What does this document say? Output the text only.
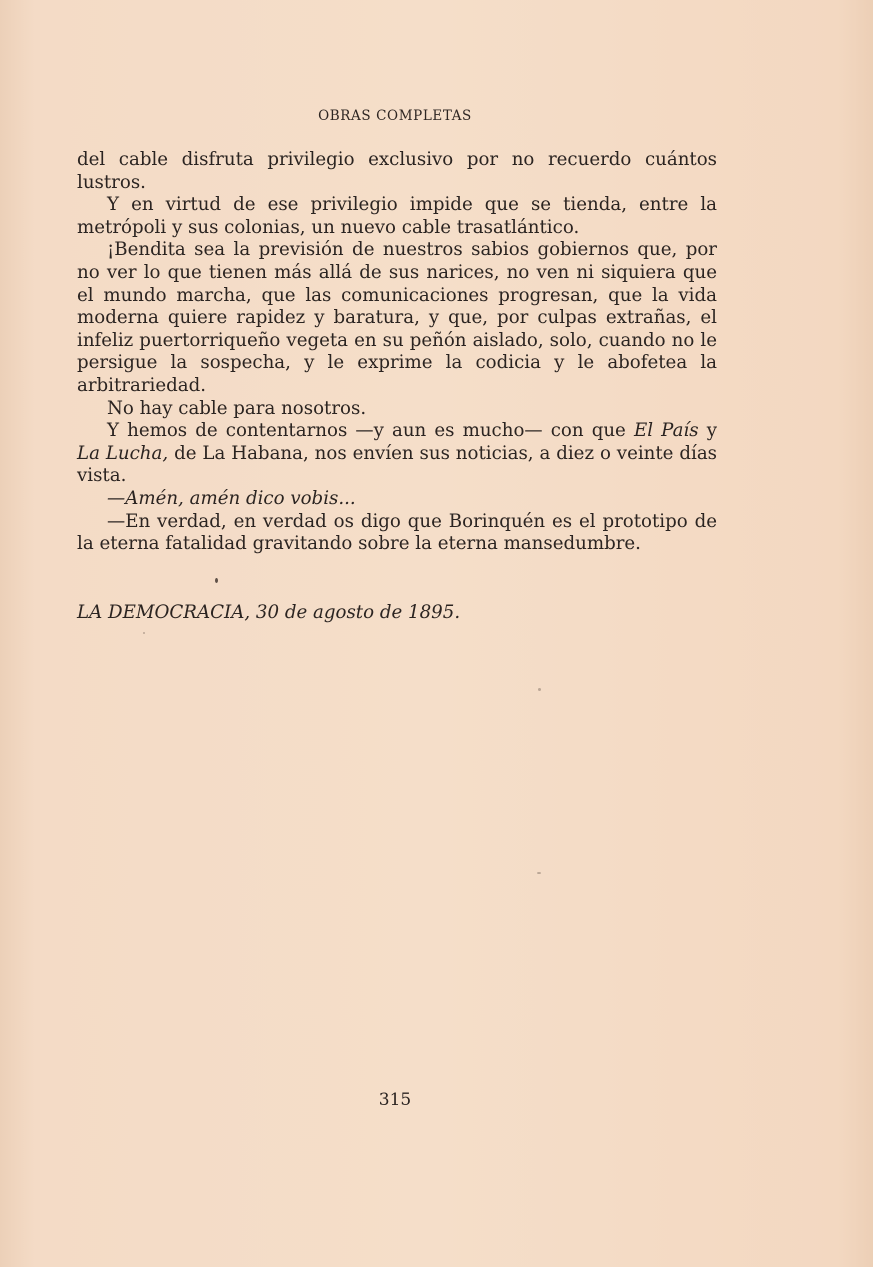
OBRAS COMPLETAS

del cable disfruta privilegio exclusivo por no recuerdo cuántos lustros.

Y en virtud de ese privilegio impide que se tienda, entre la metrópoli y sus colonias, un nuevo cable trasatlántico.

¡Bendita sea la previsión de nuestros sabios gobiernos que, por no ver lo que tienen más allá de sus narices, no ven ni siquiera que el mundo marcha, que las comunicaciones progresan, que la vida moderna quiere rapidez y baratura, y que, por culpas extrañas, el infeliz puertorriqueño vegeta en su peñón aislado, solo, cuando no le persigue la sospecha, y le exprime la codicia y le abofetea la arbitrariedad.

No hay cable para nosotros.

Y hemos de contentarnos —y aun es mucho— con que El País y La Lucha, de La Habana, nos envíen sus noticias, a diez o veinte días vista.

—Amén, amén dico vobis...

—En verdad, en verdad os digo que Borinquén es el prototipo de la eterna fatalidad gravitando sobre la eterna mansedumbre.

LA DEMOCRACIA, 30 de agosto de 1895.
315
